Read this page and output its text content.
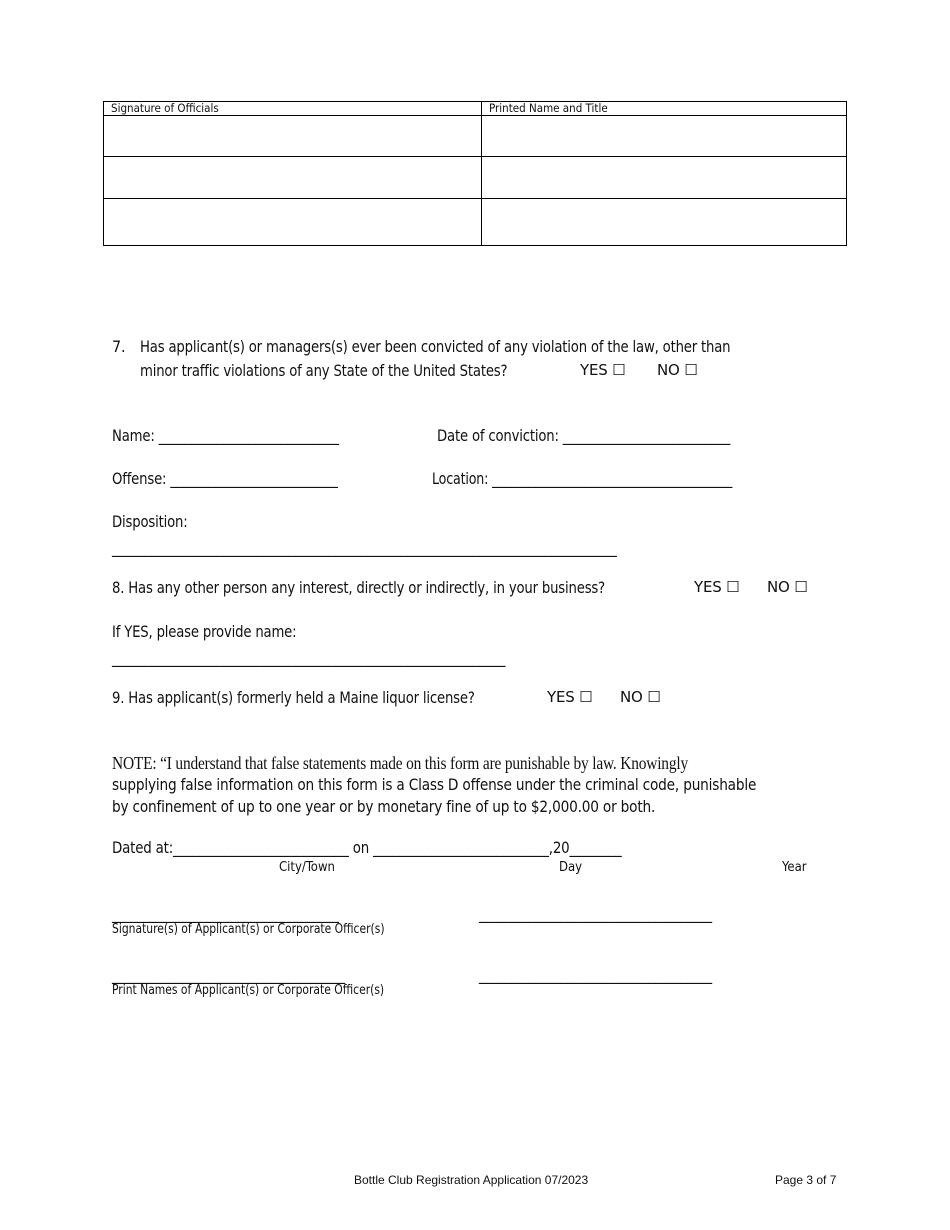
Signature of Officials	Printed Name and Title

7. Has applicant(s) or managers(s) ever been convicted of any violation of the law, other than
minor traffic violations of any State of the United States?	YES ☐ NO ☐
Name: ____________________________	Date of conviction: __________________________
Offense: __________________________	Location: _______________________________________
Disposition:
_____________________________________________________________________________
8. Has any other person any interest, directly or indirectly, in your business?	YES ☐ NO ☐
If YES, please provide name:
____________________________________________________________
9. Has applicant(s) formerly held a Maine liquor license?	YES ☐ NO ☐
NOTE: “I understand that false statements made on this form are punishable by law. Knowingly
supplying false information on this form is a Class D offense under the criminal code, punishable
by confinement of up to one year or by monetary fine of up to $2,000.00 or both.
Dated at:___________________________ on ___________________________,20________
City/Town	Day	Year
____________________________________	_____________________________________
Signature(s) of Applicant(s) or Corporate Officer(s)
_____________________________________	_____________________________________
Print Names of Applicant(s) or Corporate Officer(s)
Bottle Club Registration Application 07/2023	Page 3 of 7
